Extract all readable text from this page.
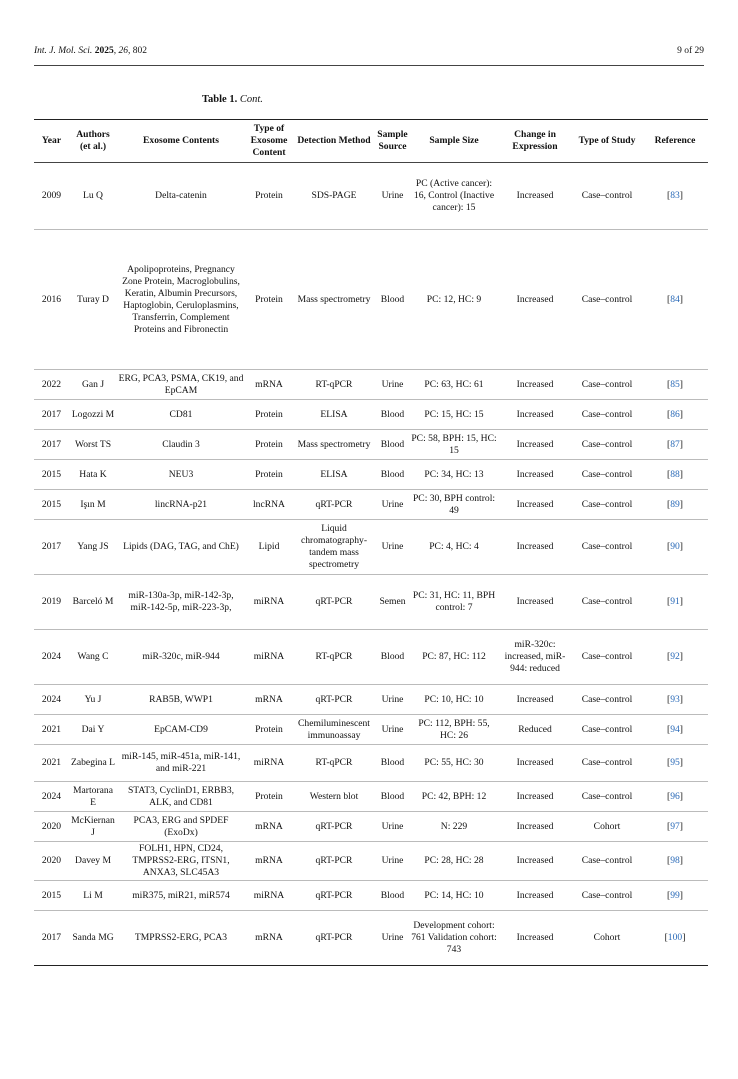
Int. J. Mol. Sci. 2025, 26, 802	9 of 29
Table 1. Cont.
Year	Authors (et al.)	Exosome Contents	Type of Exosome Content	Detection Method	Sample Source	Sample Size	Change in Expression	Type of Study	Reference
2009	Lu Q	Delta-catenin	Protein	SDS-PAGE	Urine	PC (Active cancer): 16, Control (Inactive cancer): 15	Increased	Case–control	[83]
2016	Turay D	Apolipoproteins, Pregnancy Zone Protein, Macroglobulins, Keratin, Albumin Precursors, Haptoglobin, Ceruloplasmins, Transferrin, Complement Proteins and Fibronectin	Protein	Mass spectrometry	Blood	PC: 12, HC: 9	Increased	Case–control	[84]
2022	Gan J	ERG, PCA3, PSMA, CK19, and EpCAM	mRNA	RT-qPCR	Urine	PC: 63, HC: 61	Increased	Case–control	[85]
2017	Logozzi M	CD81	Protein	ELISA	Blood	PC: 15, HC: 15	Increased	Case–control	[86]
2017	Worst TS	Claudin 3	Protein	Mass spectrometry	Blood	PC: 58, BPH: 15, HC: 15	Increased	Case–control	[87]
2015	Hata K	NEU3	Protein	ELISA	Blood	PC: 34, HC: 13	Increased	Case–control	[88]
2015	Işın M	lincRNA-p21	lncRNA	qRT-PCR	Urine	PC: 30, BPH control: 49	Increased	Case–control	[89]
2017	Yang JS	Lipids (DAG, TAG, and ChE)	Lipid	Liquid chromatography-tandem mass spectrometry	Urine	PC: 4, HC: 4	Increased	Case–control	[90]
2019	Barceló M	miR-130a-3p, miR-142-3p, miR-142-5p, miR-223-3p,	miRNA	qRT-PCR	Semen	PC: 31, HC: 11, BPH control: 7	Increased	Case–control	[91]
2024	Wang C	miR-320c, miR-944	miRNA	RT-qPCR	Blood	PC: 87, HC: 112	miR-320c: increased, miR-944: reduced	Case–control	[92]
2024	Yu J	RAB5B, WWP1	mRNA	qRT-PCR	Urine	PC: 10, HC: 10	Increased	Case–control	[93]
2021	Dai Y	EpCAM-CD9	Protein	Chemiluminescent immunoassay	Urine	PC: 112, BPH: 55, HC: 26	Reduced	Case–control	[94]
2021	Zabegina L	miR-145, miR-451a, miR-141, and miR-221	miRNA	RT-qPCR	Blood	PC: 55, HC: 30	Increased	Case–control	[95]
2024	Martorana E	STAT3, CyclinD1, ERBB3, ALK, and CD81	Protein	Western blot	Blood	PC: 42, BPH: 12	Increased	Case–control	[96]
2020	McKiernan J	PCA3, ERG and SPDEF (ExoDx)	mRNA	qRT-PCR	Urine	N: 229	Increased	Cohort	[97]
2020	Davey M	FOLH1, HPN, CD24, TMPRSS2-ERG, ITSN1, ANXA3, SLC45A3	mRNA	qRT-PCR	Urine	PC: 28, HC: 28	Increased	Case–control	[98]
2015	Li M	miR375, miR21, miR574	miRNA	qRT-PCR	Blood	PC: 14, HC: 10	Increased	Case–control	[99]
2017	Sanda MG	TMPRSS2-ERG, PCA3	mRNA	qRT-PCR	Urine	Development cohort: 761 Validation cohort: 743	Increased	Cohort	[100]
